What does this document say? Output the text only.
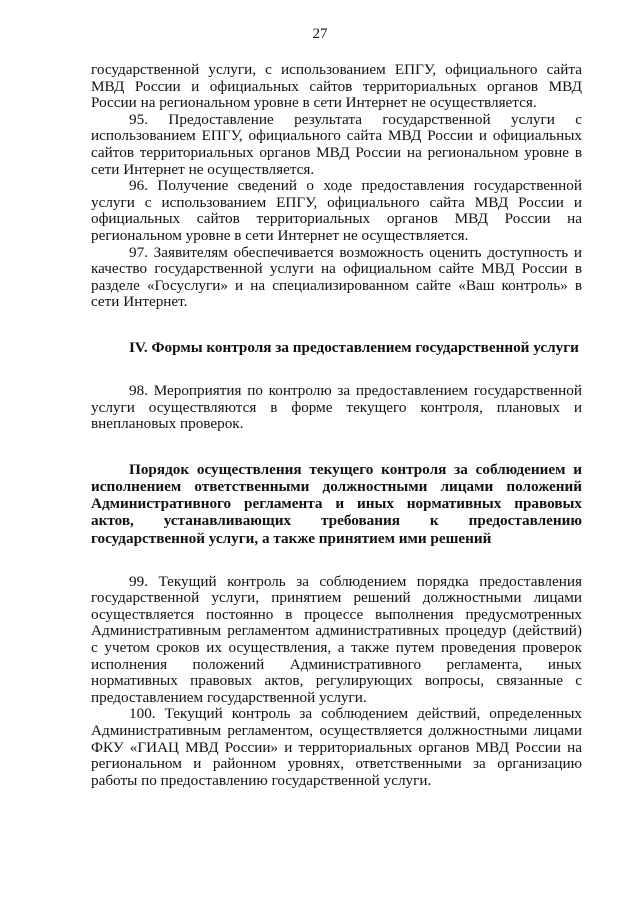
27

государственной услуги, с использованием ЕПГУ, официального сайта МВД России и официальных сайтов территориальных органов МВД России на региональном уровне в сети Интернет не осуществляется.

95. Предоставление результата государственной услуги с использованием ЕПГУ, официального сайта МВД России и официальных сайтов территориальных органов МВД России на региональном уровне в сети Интернет не осуществляется.

96. Получение сведений о ходе предоставления государственной услуги с использованием ЕПГУ, официального сайта МВД России и официальных сайтов территориальных органов МВД России на региональном уровне в сети Интернет не осуществляется.

97. Заявителям обеспечивается возможность оценить доступность и качество государственной услуги на официальном сайте МВД России в разделе «Госуслуги» и на специализированном сайте «Ваш контроль» в сети Интернет.

IV. Формы контроля за предоставлением государственной услуги

98. Мероприятия по контролю за предоставлением государственной услуги осуществляются в форме текущего контроля, плановых и внеплановых проверок.

Порядок осуществления текущего контроля за соблюдением и исполнением ответственными должностными лицами положений Административного регламента и иных нормативных правовых актов, устанавливающих требования к предоставлению государственной услуги, а также принятием ими решений

99. Текущий контроль за соблюдением порядка предоставления государственной услуги, принятием решений должностными лицами осуществляется постоянно в процессе выполнения предусмотренных Административным регламентом административных процедур (действий) с учетом сроков их осуществления, а также путем проведения проверок исполнения положений Административного регламента, иных нормативных правовых актов, регулирующих вопросы, связанные с предоставлением государственной услуги.

100. Текущий контроль за соблюдением действий, определенных Административным регламентом, осуществляется должностными лицами ФКУ «ГИАЦ МВД России» и территориальных органов МВД России на региональном и районном уровнях, ответственными за организацию работы по предоставлению государственной услуги.
